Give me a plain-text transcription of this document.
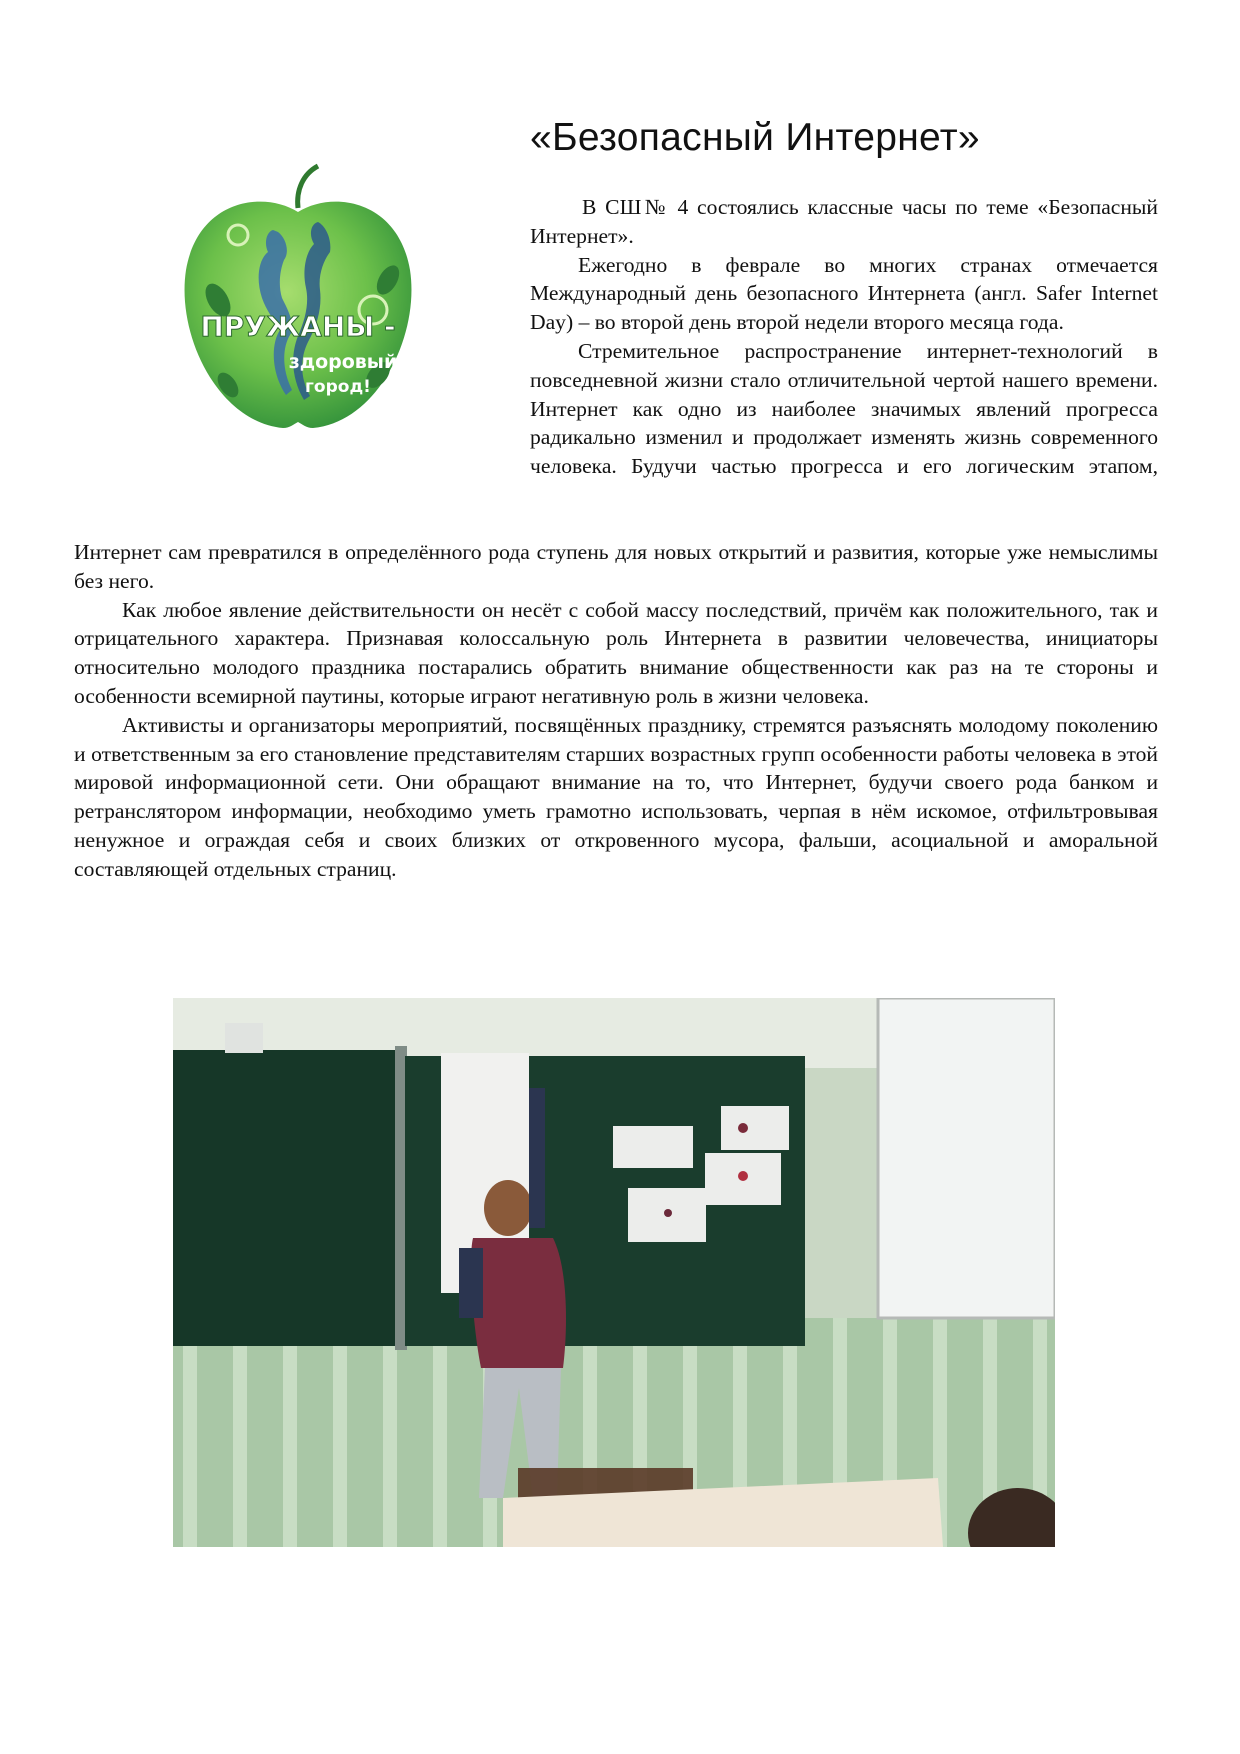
«Безопасный Интернет»
ПРУЖАНЫ -
здоровый
город!

В СШ№ 4 состоялись классные часы по теме «Безопасный Интернет».

Ежегодно в феврале во многих странах отмечается Международный день безопасного Интернета (англ. Safer Internet Day) – во второй день второй недели второго месяца года.

Стремительное распространение интернет-технологий в повседневной жизни стало отличительной чертой нашего времени. Интернет как одно из наиболее значимых явлений прогресса радикально изменил и продолжает изменять жизнь современного человека. Будучи частью прогресса и его логическим этапом,

Интернет сам превратился в определённого рода ступень для новых открытий и развития, которые уже немыслимы без него.

Как любое явление действительности он несёт с собой массу последствий, причём как положительного, так и отрицательного характера. Признавая колоссальную роль Интернета в развитии человечества, инициаторы относительно молодого праздника постарались обратить внимание общественности как раз на те стороны и особенности всемирной паутины, которые играют негативную роль в жизни человека.

Активисты и организаторы мероприятий, посвящённых празднику, стремятся разъяснять молодому поколению и ответственным за его становление представителям старших возрастных групп особенности работы человека в этой мировой информационной сети. Они обращают внимание на то, что Интернет, будучи своего рода банком и ретранслятором информации, необходимо уметь грамотно использовать, черпая в нём искомое, отфильтровывая ненужное и ограждая себя и своих близких от откровенного мусора, фальши, асоциальной и аморальной составляющей отдельных страниц.
